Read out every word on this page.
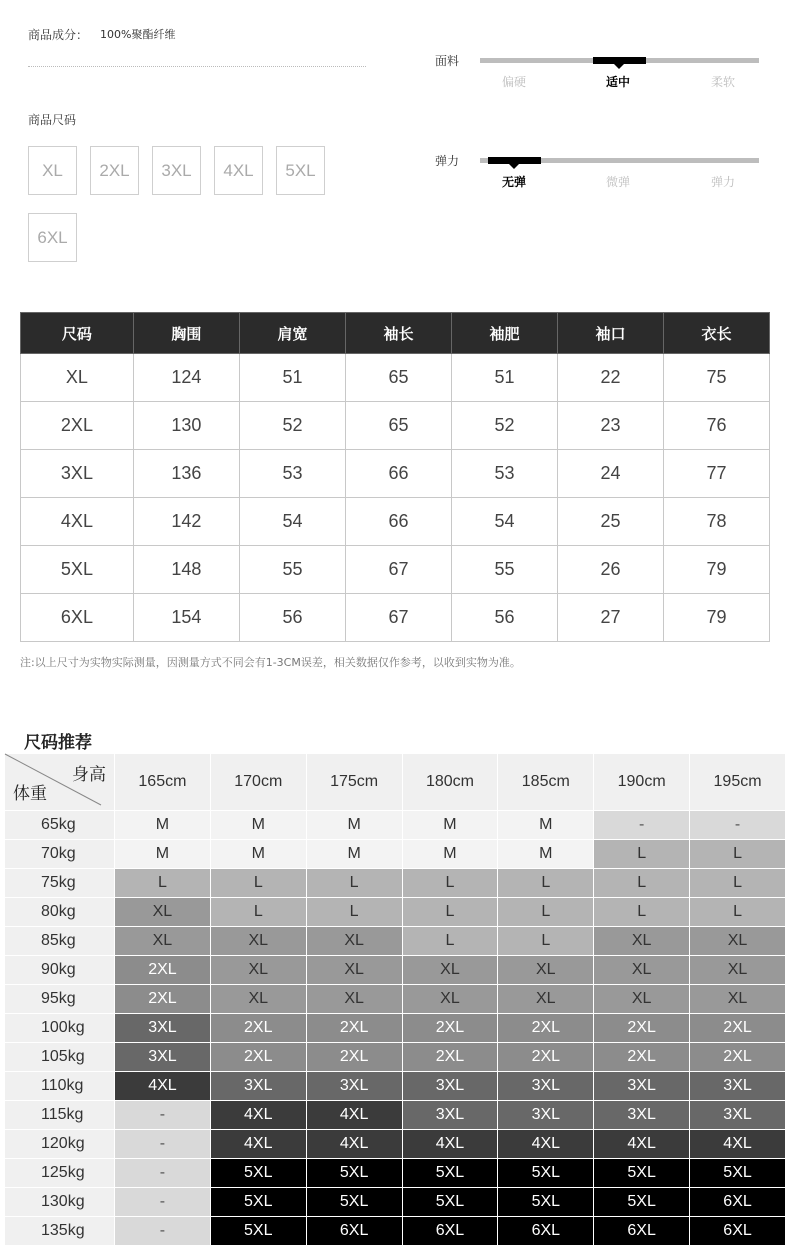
商品成分： 100%聚酯纤维
商品尺码
XL	2XL	3XL	4XL	5XL
6XL
面料
偏硬	适中	柔软
弹力
无弹	微弹	弹力
尺码	胸围	肩宽	袖长	袖肥	袖口	衣长
XL	124	51	65	51	22	75
2XL	130	52	65	52	23	76
3XL	136	53	66	53	24	77
4XL	142	54	66	54	25	78
5XL	148	55	67	55	26	79
6XL	154	56	67	56	27	79
注:以上尺寸为实物实际测量，因测量方式不同会有1-3CM误差，相关数据仅作参考，以收到实物为准。
尺码推荐
身高
体重	165cm	170cm	175cm	180cm	185cm	190cm	195cm
65kg	M	M	M	M	M	-	-
70kg	M	M	M	M	M	L	L
75kg	L	L	L	L	L	L	L
80kg	XL	L	L	L	L	L	L
85kg	XL	XL	XL	L	L	XL	XL
90kg	2XL	XL	XL	XL	XL	XL	XL
95kg	2XL	XL	XL	XL	XL	XL	XL
100kg	3XL	2XL	2XL	2XL	2XL	2XL	2XL
105kg	3XL	2XL	2XL	2XL	2XL	2XL	2XL
110kg	4XL	3XL	3XL	3XL	3XL	3XL	3XL
115kg	-	4XL	4XL	3XL	3XL	3XL	3XL
120kg	-	4XL	4XL	4XL	4XL	4XL	4XL
125kg	-	5XL	5XL	5XL	5XL	5XL	5XL
130kg	-	5XL	5XL	5XL	5XL	5XL	6XL
135kg	-	5XL	6XL	6XL	6XL	6XL	6XL
